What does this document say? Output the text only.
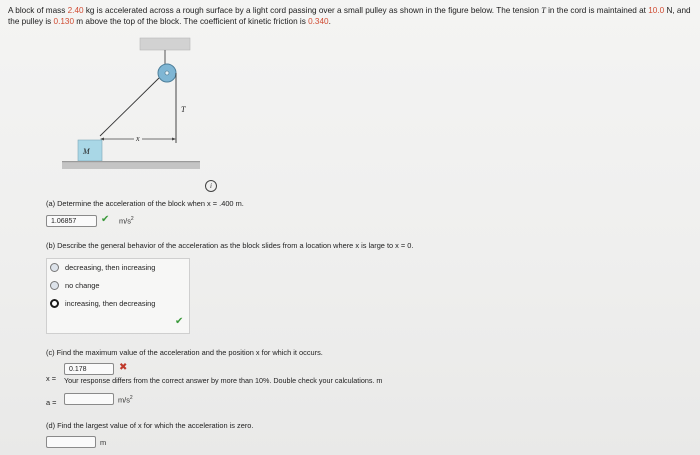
A block of mass 2.40 kg is accelerated across a rough surface by a light cord passing over a small pulley as shown in the figure below. The tension T in the cord is maintained at 10.0 N, and the pulley is 0.130 m above the top of the block. The coefficient of kinetic friction is 0.340.
x
T
M
i
(a) Determine the acceleration of the block when x = .400 m.
1.06857	✔ $m/s^2$
(b) Describe the general behavior of the acceleration as the block slides from a location where x is large to x = 0.
decreasing, then increasing
no change
increasing, then decreasing
✔
(c) Find the maximum value of the acceleration and the position x for which it occurs.
x =
0.178	✖
Your response differs from the correct answer by more than 10%. Double check your calculations. m
a =	$m/s^2$
(d) Find the largest value of x for which the acceleration is zero.
m
